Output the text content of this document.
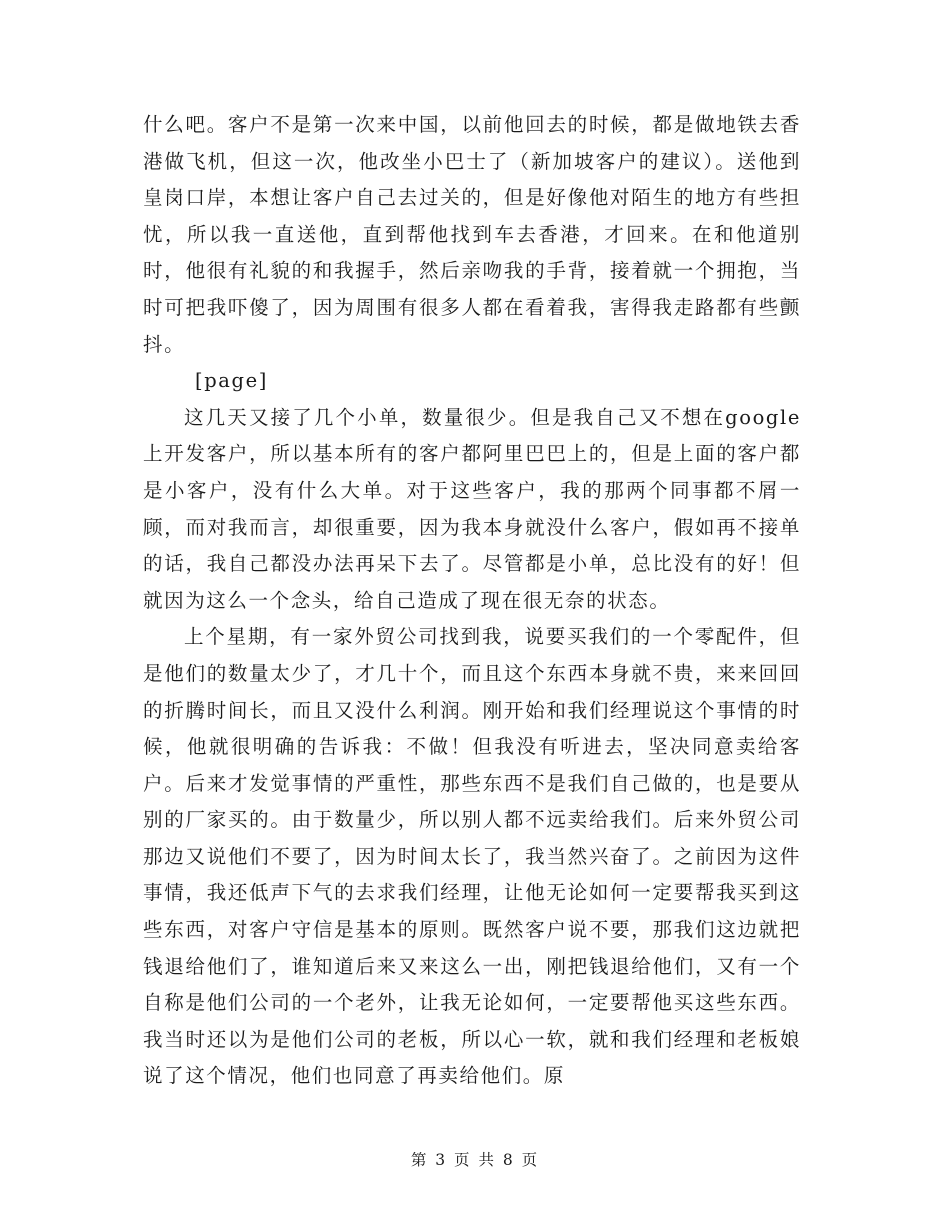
什么吧。客户不是第一次来中国，以前他回去的时候，都是做地铁去香港做飞机，但这一次，他改坐小巴士了（新加坡客户的建议）。送他到皇岗口岸，本想让客户自己去过关的，但是好像他对陌生的地方有些担忧，所以我一直送他，直到帮他找到车去香港，才回来。在和他道别时，他很有礼貌的和我握手，然后亲吻我的手背，接着就一个拥抱，当时可把我吓傻了，因为周围有很多人都在看着我，害得我走路都有些颤抖。

[page]

这几天又接了几个小单，数量很少。但是我自己又不想在google上开发客户，所以基本所有的客户都阿里巴巴上的，但是上面的客户都是小客户，没有什么大单。对于这些客户，我的那两个同事都不屑一顾，而对我而言，却很重要，因为我本身就没什么客户，假如再不接单的话，我自己都没办法再呆下去了。尽管都是小单，总比没有的好！但就因为这么一个念头，给自己造成了现在很无奈的状态。

上个星期，有一家外贸公司找到我，说要买我们的一个零配件，但是他们的数量太少了，才几十个，而且这个东西本身就不贵，来来回回的折腾时间长，而且又没什么利润。刚开始和我们经理说这个事情的时候，他就很明确的告诉我：不做！但我没有听进去，坚决同意卖给客户。后来才发觉事情的严重性，那些东西不是我们自己做的，也是要从别的厂家买的。由于数量少，所以别人都不远卖给我们。后来外贸公司那边又说他们不要了，因为时间太长了，我当然兴奋了。之前因为这件事情，我还低声下气的去求我们经理，让他无论如何一定要帮我买到这些东西，对客户守信是基本的原则。既然客户说不要，那我们这边就把钱退给他们了，谁知道后来又来这么一出，刚把钱退给他们，又有一个自称是他们公司的一个老外，让我无论如何，一定要帮他买这些东西。我当时还以为是他们公司的老板，所以心一软，就和我们经理和老板娘说了这个情况，他们也同意了再卖给他们。原

第 3 页 共 8 页
